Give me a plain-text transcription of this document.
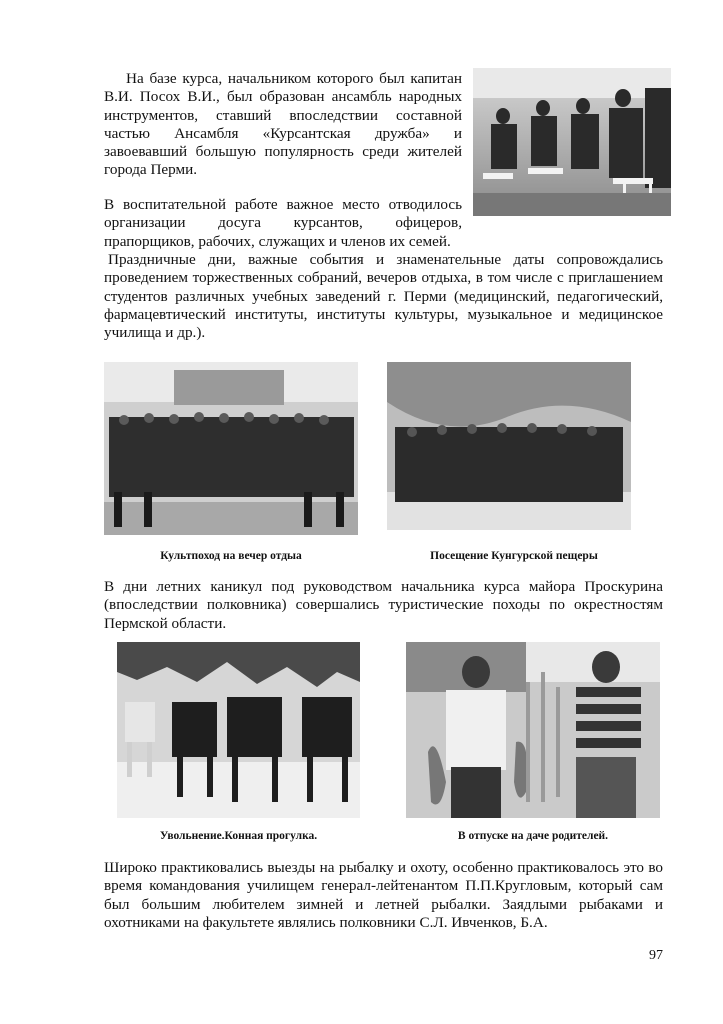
На базе курса, начальником которого был капитан В.И. Посох В.И., был образован ансамбль народных инструментов, ставший впоследствии составной частью Ансамбля «Курсантская дружба» и завоевавший большую популярность среди жителей города Перми.

В воспитательной работе важное место отводилось организации досуга курсантов, офицеров, прапорщиков, рабочих, служащих и членов их семей.

Праздничные дни, важные события и знаменательные даты сопровождались проведением торжественных собраний, вечеров отдыха, в том числе с приглашением студентов различных учебных заведений г. Перми (медицинский, педагогический, фармацевтический институты, институты культуры, музыкальное и медицинское училища и др.).

Культпоход на вечер отдыа	Посещение Кунгурской пещеры

В дни летних каникул под руководством начальника курса майора Проскурина (впоследствии полковника) совершались туристические походы по окрестностям Пермской области.

Увольнение.Конная прогулка.	В отпуске на даче родителей.

Широко практиковались выезды на рыбалку и охоту, особенно практиковалось это во время командования училищем генерал-лейтенантом П.П.Кругловым, который сам был большим любителем зимней и летней рыбалки. Заядлыми рыбаками и охотниками на факультете являлись полковники С.Л. Ивченков, Б.А.

97
